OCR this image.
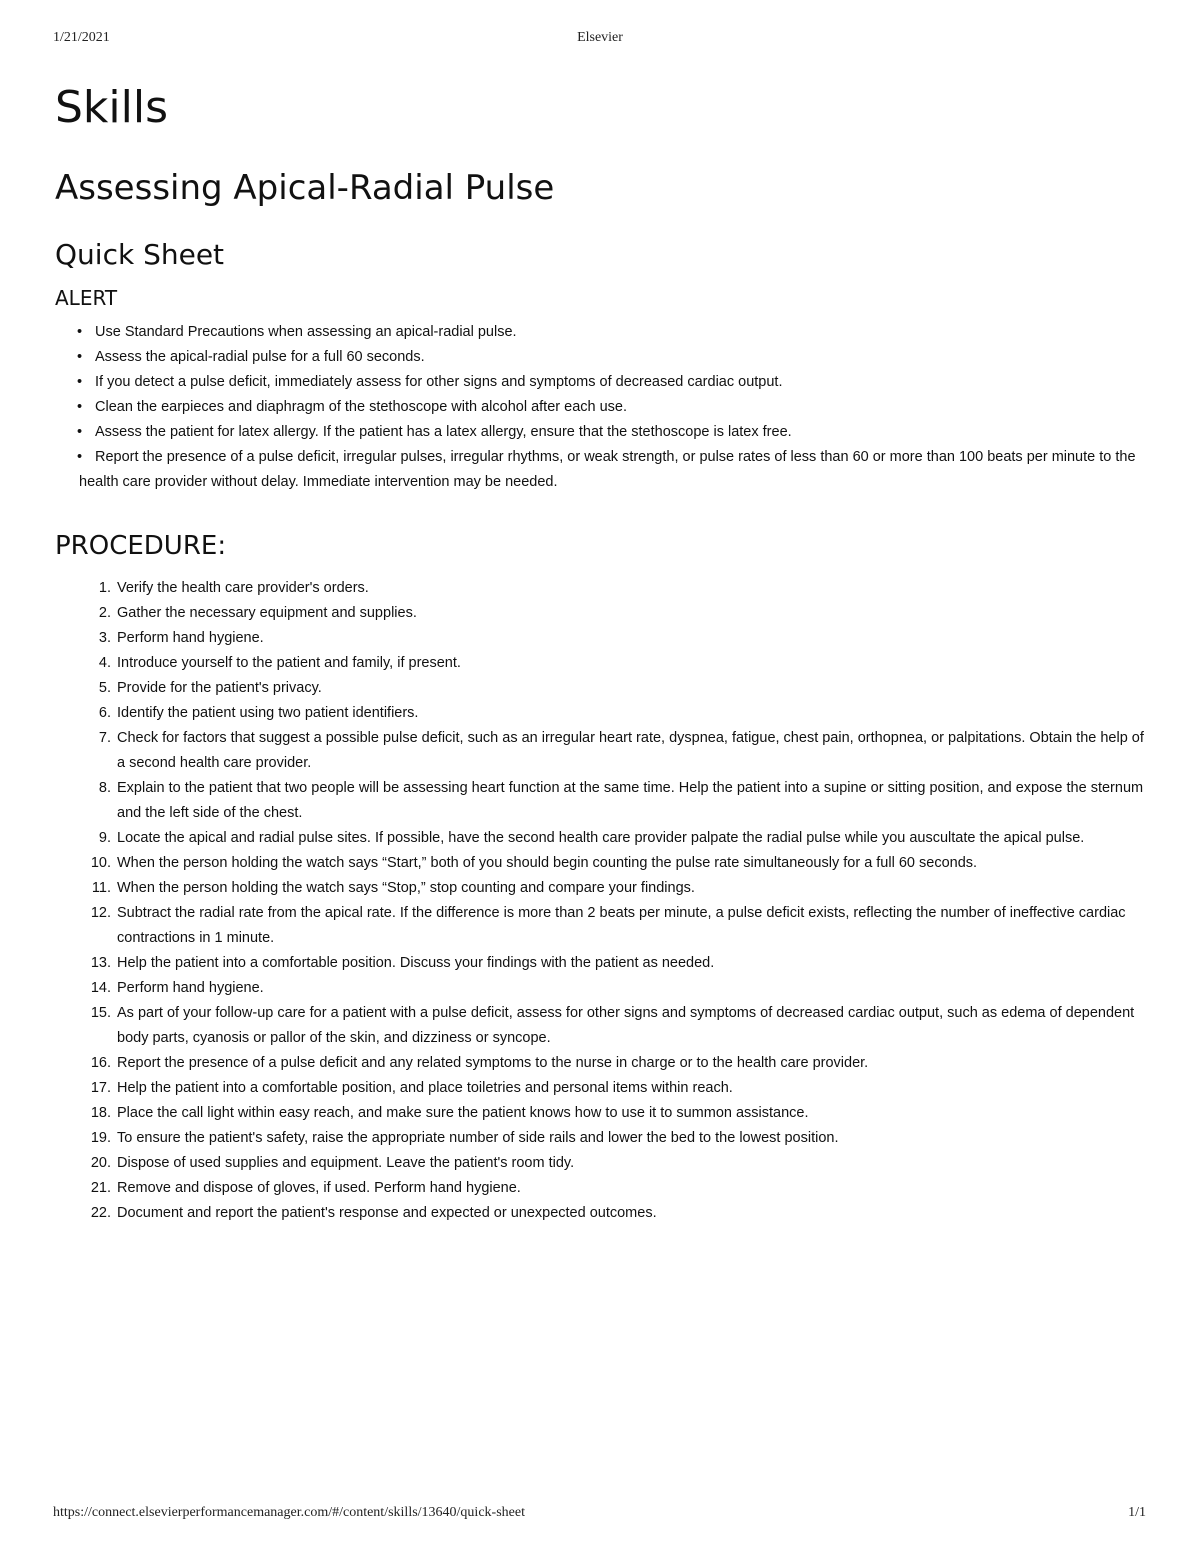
1/21/2021	Elsevier
Skills
Assessing Apical-Radial Pulse
Quick Sheet
ALERT
• Use Standard Precautions when assessing an apical-radial pulse.
• Assess the apical-radial pulse for a full 60 seconds.
• If you detect a pulse deficit, immediately assess for other signs and symptoms of decreased cardiac output.
• Clean the earpieces and diaphragm of the stethoscope with alcohol after each use.
• Assess the patient for latex allergy. If the patient has a latex allergy, ensure that the stethoscope is latex free.
• Report the presence of a pulse deficit, irregular pulses, irregular rhythms, or weak strength, or pulse rates of less than 60 or more than 100 beats per minute to the health care provider without delay. Immediate intervention may be needed.
PROCEDURE:
1. Verify the health care provider's orders.
2. Gather the necessary equipment and supplies.
3. Perform hand hygiene.
4. Introduce yourself to the patient and family, if present.
5. Provide for the patient's privacy.
6. Identify the patient using two patient identifiers.
7. Check for factors that suggest a possible pulse deficit, such as an irregular heart rate, dyspnea, fatigue, chest pain, orthopnea, or palpitations. Obtain the help of a second health care provider.
8. Explain to the patient that two people will be assessing heart function at the same time. Help the patient into a supine or sitting position, and expose the sternum and the left side of the chest.
9. Locate the apical and radial pulse sites. If possible, have the second health care provider palpate the radial pulse while you auscultate the apical pulse.
10. When the person holding the watch says “Start,” both of you should begin counting the pulse rate simultaneously for a full 60 seconds.
11. When the person holding the watch says “Stop,” stop counting and compare your findings.
12. Subtract the radial rate from the apical rate. If the difference is more than 2 beats per minute, a pulse deficit exists, reflecting the number of ineffective cardiac contractions in 1 minute.
13. Help the patient into a comfortable position. Discuss your findings with the patient as needed.
14. Perform hand hygiene.
15. As part of your follow-up care for a patient with a pulse deficit, assess for other signs and symptoms of decreased cardiac output, such as edema of dependent body parts, cyanosis or pallor of the skin, and dizziness or syncope.
16. Report the presence of a pulse deficit and any related symptoms to the nurse in charge or to the health care provider.
17. Help the patient into a comfortable position, and place toiletries and personal items within reach.
18. Place the call light within easy reach, and make sure the patient knows how to use it to summon assistance.
19. To ensure the patient's safety, raise the appropriate number of side rails and lower the bed to the lowest position.
20. Dispose of used supplies and equipment. Leave the patient's room tidy.
21. Remove and dispose of gloves, if used. Perform hand hygiene.
22. Document and report the patient's response and expected or unexpected outcomes.
https://connect.elsevierperformancemanager.com/#/content/skills/13640/quick-sheet	1/1
